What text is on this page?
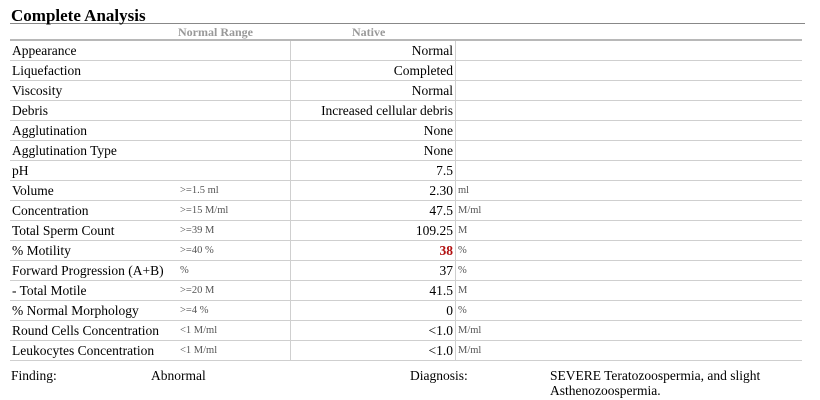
Complete Analysis
Normal Range	Native
Appearance		Normal	
Liquefaction		Completed	
Viscosity		Normal	
Debris		Increased cellular debris	
Agglutination		None	
Agglutination Type		None	
pH		7.5	
Volume	>=1.5 ml	2.30	ml
Concentration	>=15 M/ml	47.5	M/ml
Total Sperm Count	>=39 M	109.25	M
% Motility	>=40 %	38	%
Forward Progression (A+B)	%	37	%
- Total Motile	>=20 M	41.5	M
% Normal Morphology	>=4 %	0	%
Round Cells Concentration	<1 M/ml	<1.0	M/ml
Leukocytes Concentration	<1 M/ml	<1.0	M/ml
Finding:	Abnormal	Diagnosis:	SEVERE Teratozoospermia, and slight Asthenozoospermia.
